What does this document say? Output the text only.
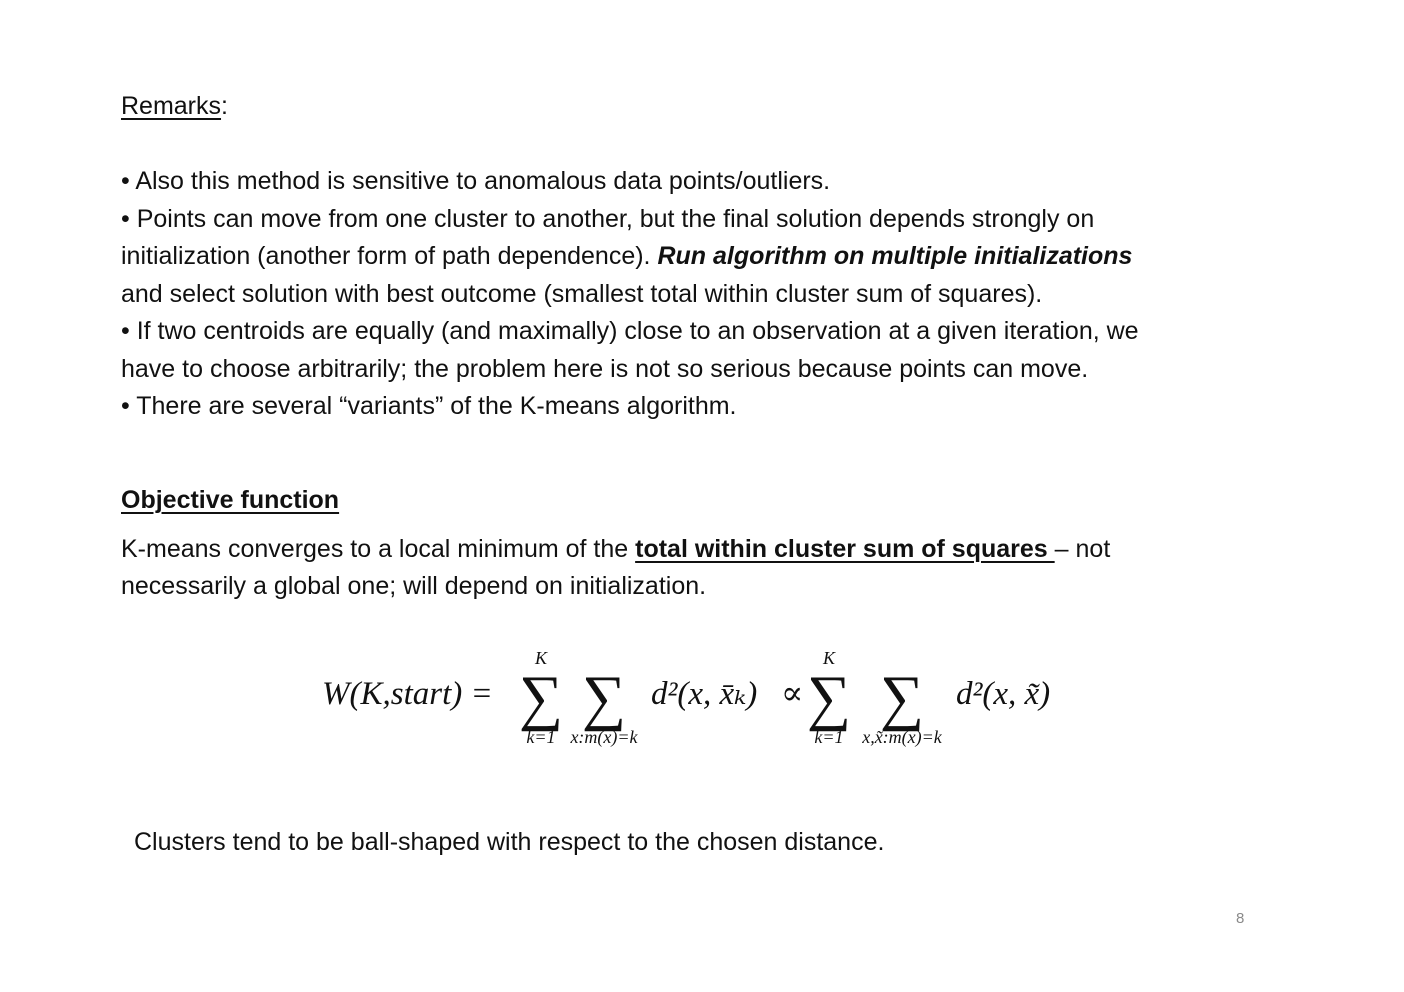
Remarks:
• Also this method is sensitive to anomalous data points/outliers.
• Points can move from one cluster to another, but the final solution depends strongly on
initialization (another form of path dependence). Run algorithm on multiple initializations
and select solution with best outcome (smallest total within cluster sum of squares).
• If two centroids are equally (and maximally) close to an observation at a given iteration, we
have to choose arbitrarily; the problem here is not so serious because points can move.
• There are several “variants” of the K-means algorithm.
Objective function
K-means converges to a local minimum of the total within cluster sum of squares – not
necessarily a global one; will depend on initialization.
W(K,start) =
K
∑
k=1
∑
x:m(x)=k
d²(x, x̄ₖ) ∝
K
∑
k=1
∑
x,x̃:m(x)=k
d²(x, x̃)
Clusters tend to be ball-shaped with respect to the chosen distance.
8
